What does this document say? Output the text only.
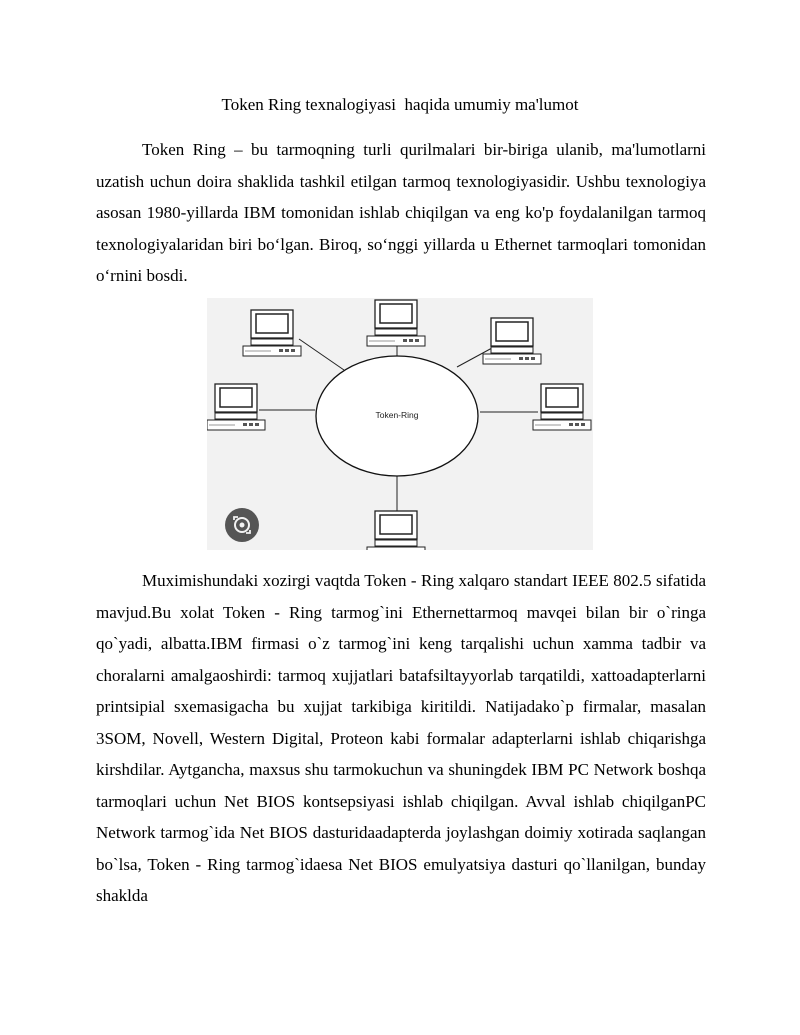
Token Ring texnalogiyasi  haqida umumiy ma'lumot

Token Ring – bu tarmoqning turli qurilmalari bir-biriga ulanib, ma'lumotlarni uzatish uchun doira shaklida tashkil etilgan tarmoq texnologiyasidir. Ushbu texnologiya asosan 1980-yillarda IBM tomonidan ishlab chiqilgan va eng ko'p foydalanilgan tarmoq texnologiyalaridan biri bo‘lgan. Biroq, so‘nggi yillarda u Ethernet tarmoqlari tomonidan o‘rnini bosdi.

Token-Ring

Muximishundaki xozirgi vaqtda Token - Ring xalqaro standart IEEE 802.5 sifatida mavjud.Bu xolat Token - Ring tarmog`ini Ethernettarmoq mavqei bilan bir o`ringa qo`yadi, albatta.IBM firmasi o`z tarmog`ini keng tarqalishi uchun xamma tadbir va choralarni amalgaoshirdi: tarmoq xujjatlari batafsiltayyorlab tarqatildi, xattoadapterlarni printsipial sxemasigacha bu xujjat tarkibiga kiritildi. Natijadako`p firmalar, masalan 3SOM, Novell, Western Digital, Proteon kabi formalar adapterlarni ishlab chiqarishga kirshdilar. Aytgancha, maxsus shu tarmokuchun va shuningdek IBM PC Network boshqa tarmoqlari uchun Net BIOS kontsepsiyasi ishlab chiqilgan. Avval ishlab chiqilganPC Network tarmog`ida Net BIOS dasturidaadapterda joylashgan doimiy xotirada saqlangan bo`lsa, Token - Ring tarmog`idaesa Net BIOS emulyatsiya dasturi qo`llanilgan, bunday shaklda
